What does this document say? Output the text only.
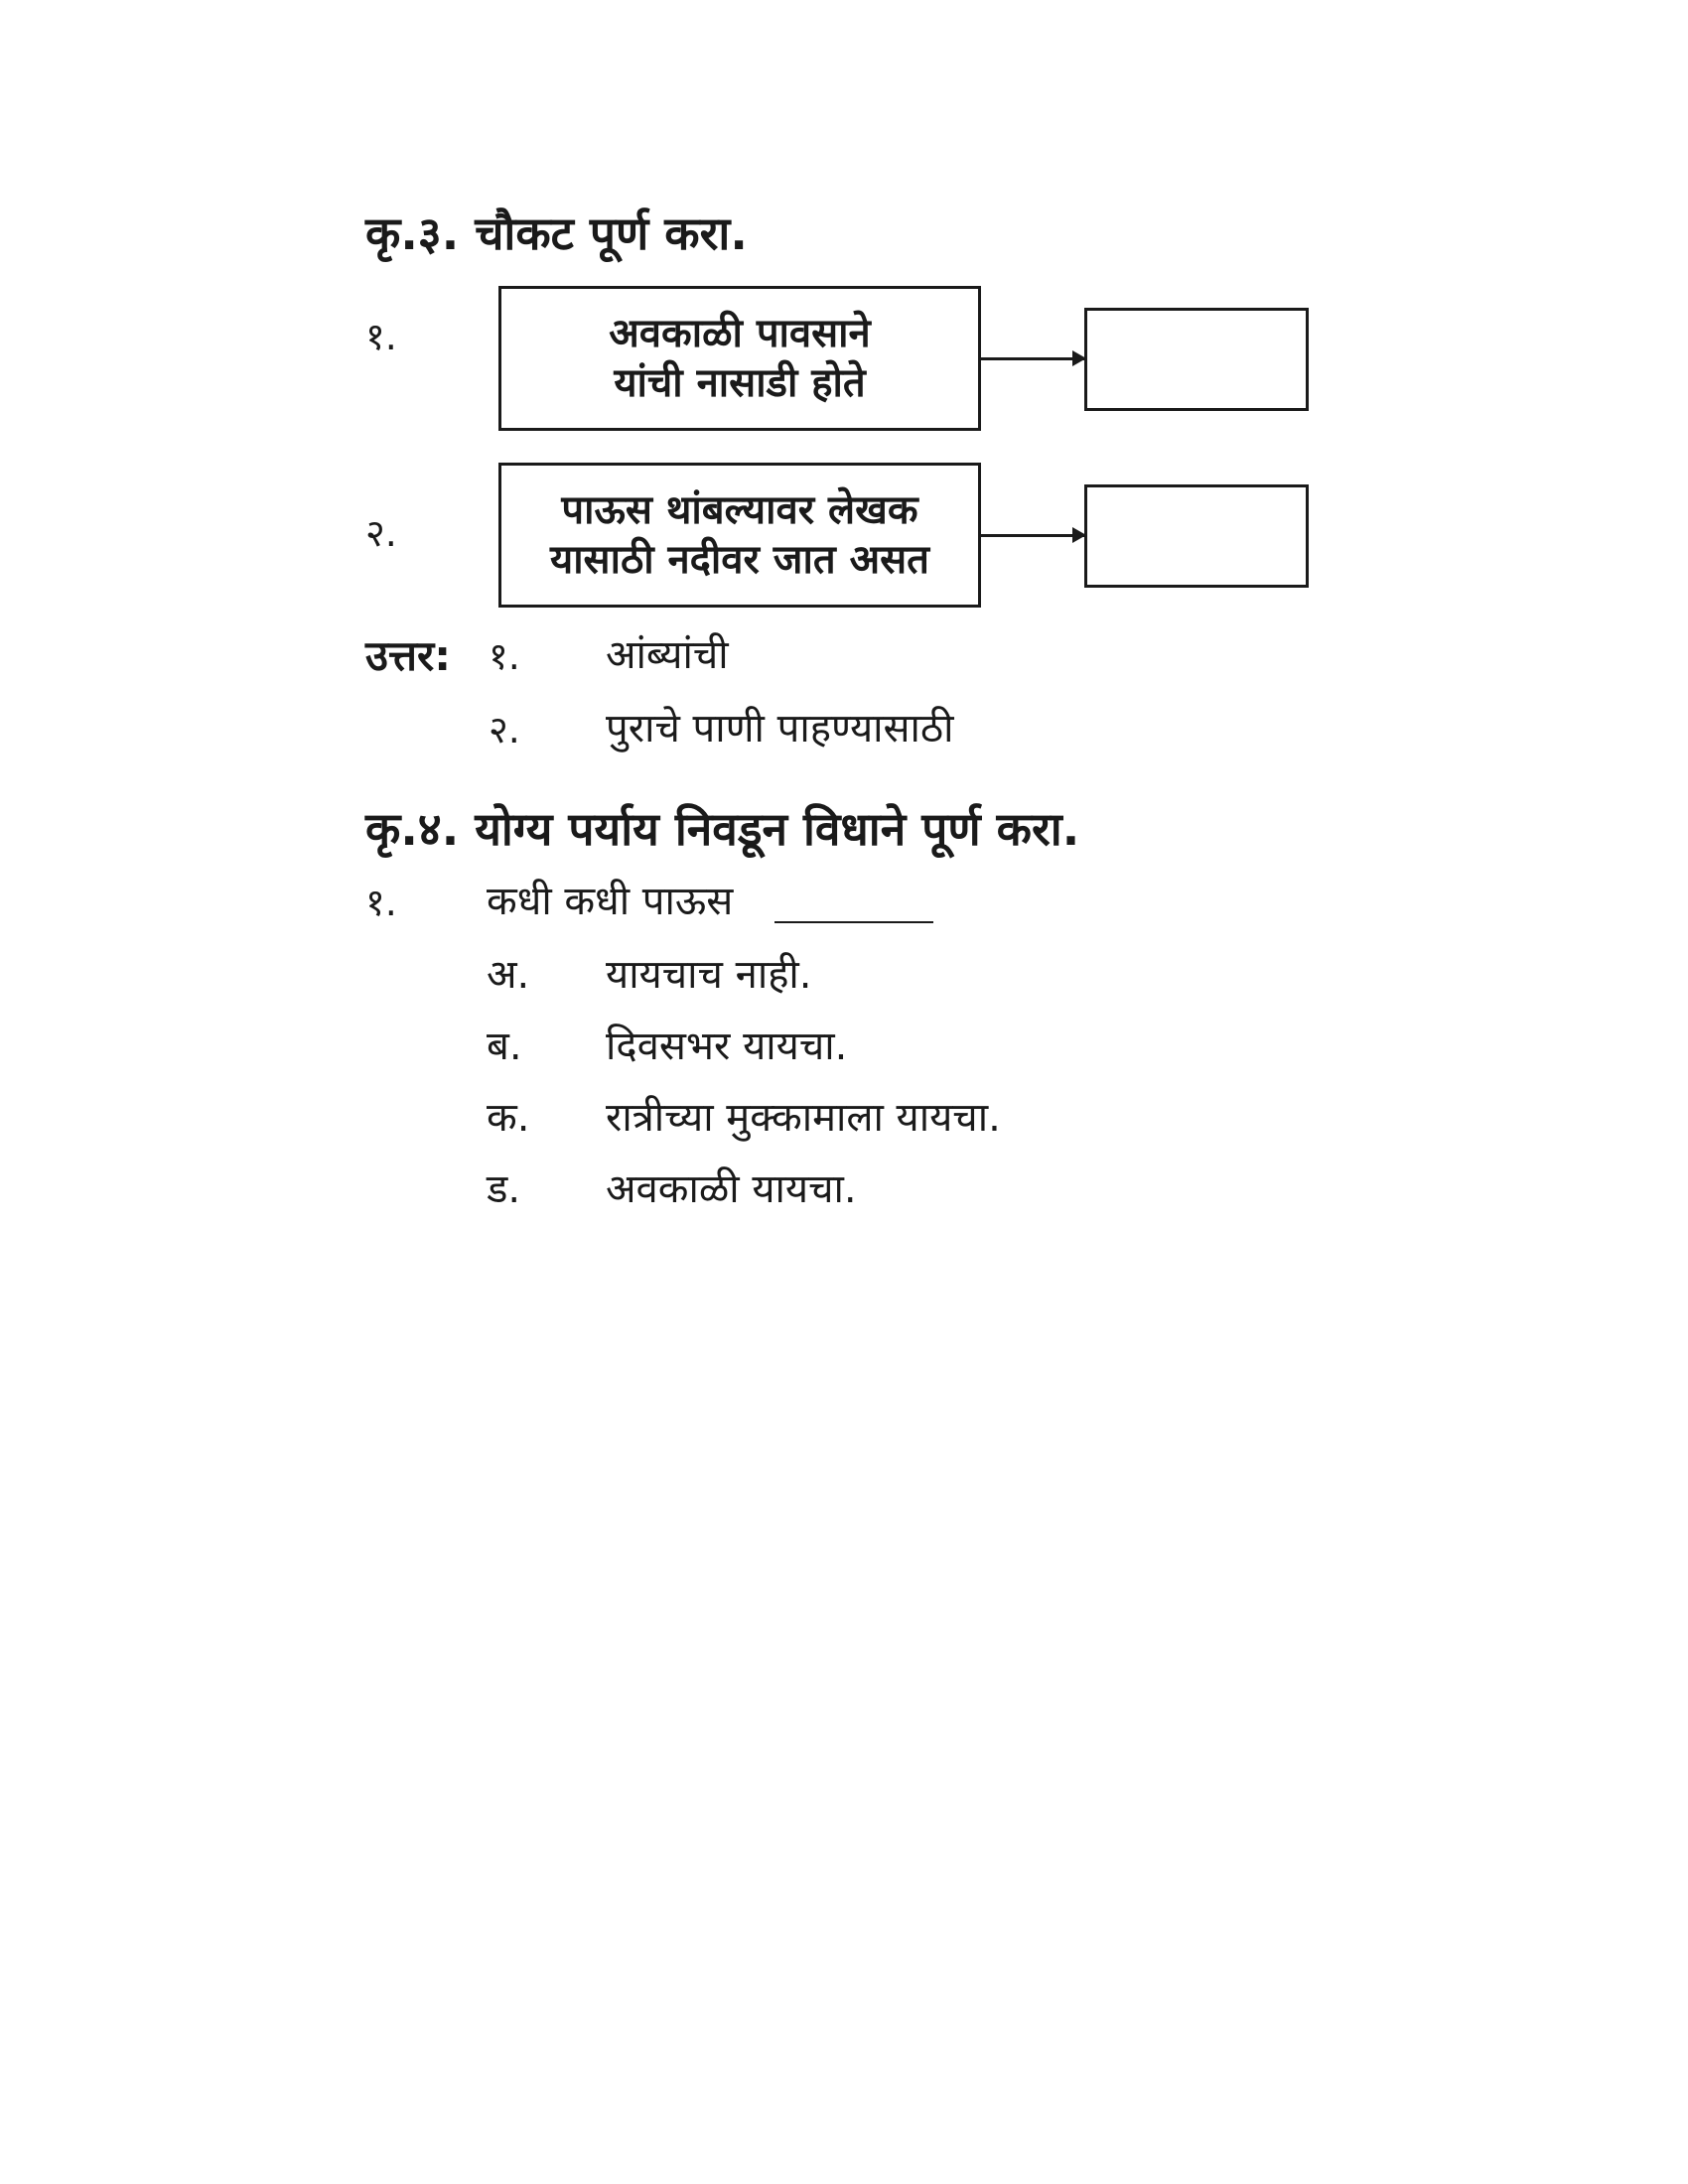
कृ.३. चौकट पूर्ण करा.
१.	अवकाळी पावसाने
यांची नासाडी होते
२.	पाऊस थांबल्यावर लेखक
यासाठी नदीवर जात असत
उत्तर: १. आंब्यांची
२. पुराचे पाणी पाहण्यासाठी
कृ.४. योग्य पर्याय निवडून विधाने पूर्ण करा.
१. कधी कधी पाऊस
अ. यायचाच नाही.
ब. दिवसभर यायचा.
क. रात्रीच्या मुक्कामाला यायचा.
ड. अवकाळी यायचा.
